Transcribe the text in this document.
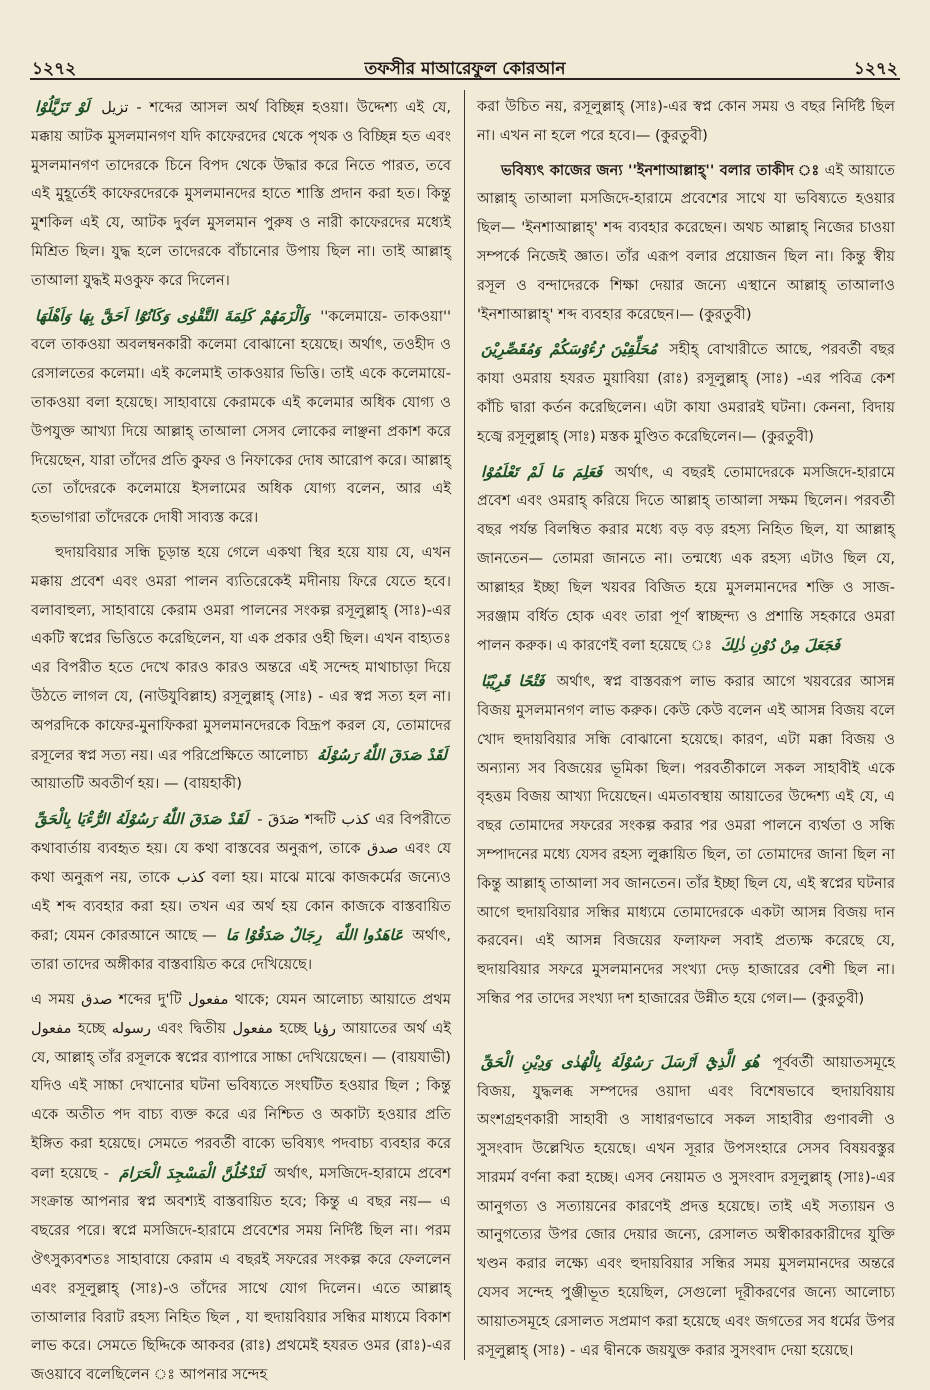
১২৭২	তফসীর মাআরেফুল কোরআন	১২৭২

لَوْ تَزَيَّلُوْا تزيل - শব্দের আসল অর্থ বিচ্ছিন্ন হওয়া। উদ্দেশ্য এই যে, মক্কায় আটক মুসলমানগণ যদি কাফেরদের থেকে পৃথক ও বিচ্ছিন্ন হত এবং মুসলমানগণ তাদেরকে চিনে বিপদ থেকে উদ্ধার করে নিতে পারত, তবে এই মুহূর্তেই কাফেরদেরকে মুসলমানদের হাতে শাস্তি প্রদান করা হত। কিন্তু মুশকিল এই যে, আটক দুর্বল মুসলমান পুরুষ ও নারী কাফেরদের মধ্যেই মিশ্রিত ছিল। যুদ্ধ হলে তাদেরকে বাঁচানোর উপায় ছিল না। তাই আল্লাহ্ তাআলা যুদ্ধই মওকুফ করে দিলেন।

وَاَلْزَمَهُمْ كَلِمَةَ التَّقْوٰى وَكَانُوْٓا اَحَقَّ بِهَا وَاَهْلَهَا ''কলেমায়ে- তাকওয়া'' বলে তাকওয়া অবলম্বনকারী কলেমা বোঝানো হয়েছে। অর্থাৎ, তওহীদ ও রেসালতের কলেমা। এই কলেমাই তাকওয়ার ভিত্তি। তাই একে কলেমায়ে-তাকওয়া বলা হয়েছে। সাহাবায়ে কেরামকে এই কলেমার অধিক যোগ্য ও উপযুক্ত আখ্যা দিয়ে আল্লাহ্ তাআলা সেসব লোকের লাঞ্ছনা প্রকাশ করে দিয়েছেন, যারা তাঁদের প্রতি কুফর ও নিফাকের দোষ আরোপ করে। আল্লাহ্ তো তাঁদেরকে কলেমায়ে ইসলামের অধিক যোগ্য বলেন, আর এই হতভাগারা তাঁদেরকে দোষী সাব্যস্ত করে।

হুদায়বিয়ার সন্ধি চূড়ান্ত হয়ে গেলে একথা স্থির হয়ে যায় যে, এখন মক্কায় প্রবেশ এবং ওমরা পালন ব্যতিরেকেই মদীনায় ফিরে যেতে হবে। বলাবাহুল্য, সাহাবায়ে কেরাম ওমরা পালনের সংকল্প রসূলুল্লাহ্ (সাঃ)-এর একটি স্বপ্নের ভিত্তিতে করেছিলেন, যা এক প্রকার ওহী ছিল। এখন বাহ্যতঃ এর বিপরীত হতে দেখে কারও কারও অন্তরে এই সন্দেহ মাথাচাড়া দিয়ে উঠতে লাগল যে, (নাউযুবিল্লাহ) রসূলুল্লাহ্ (সাঃ) - এর স্বপ্ন সত্য হল না। অপরদিকে কাফের-মুনাফিকরা মুসলমানদেরকে বিদ্রূপ করল যে, তোমাদের রসূলের স্বপ্ন সত্য নয়। এর পরিপ্রেক্ষিতে আলোচ্য لَقَدْ صَدَقَ اللّٰهُ رَسُوْلَهُ আয়াতটি অবতীর্ণ হয়। — (বায়হাকী)

لَقَدْ صَدَقَ اللّٰهُ رَسُوْلَهُ الرُّءْيَا بِالْحَقِّ - صَدَقَ শব্দটি كذب এর বিপরীতে কথাবার্তায় ব্যবহৃত হয়। যে কথা বাস্তবের অনুরূপ, তাকে صدق এবং যে কথা অনুরূপ নয়, তাকে كذب বলা হয়। মাঝে মাঝে কাজকর্মের জন্যেও এই শব্দ ব্যবহার করা হয়। তখন এর অর্থ হয় কোন কাজকে বাস্তবায়িত করা; যেমন কোরআনে আছে — رِجَالٌ صَدَقُوْا مَا عَاهَدُوا اللّٰهَ অর্থাৎ, তারা তাদের অঙ্গীকার বাস্তবায়িত করে দেখিয়েছে।

এ সময় صدق শব্দের দু'টি مفعول থাকে; যেমন আলোচ্য আয়াতে প্রথম مفعول হচ্ছে رسوله এবং দ্বিতীয় مفعول হচ্ছে رؤيا আয়াতের অর্থ এই যে, আল্লাহ্ তাঁর রসূলকে স্বপ্নের ব্যাপারে সাচ্চা দেখিয়েছেন। — (বায়যাভী) যদিও এই সাচ্চা দেখানোর ঘটনা ভবিষ্যতে সংঘটিত হওয়ার ছিল ; কিন্তু একে অতীত পদ বাচ্য ব্যক্ত করে এর নিশ্চিত ও অকাট্য হওয়ার প্রতি ইঙ্গিত করা হয়েছে। সেমতে পরবর্তী বাক্যে ভবিষ্যৎ পদবাচ্য ব্যবহার করে বলা হয়েছে - لَتَدْخُلُنَّ الْمَسْجِدَ الْحَرَامَ অর্থাৎ, মসজিদে-হারামে প্রবেশ সংক্রান্ত আপনার স্বপ্ন অবশ্যই বাস্তবায়িত হবে; কিন্তু এ বছর নয়— এ বছরের পরে। স্বপ্নে মসজিদে-হারামে প্রবেশের সময় নির্দিষ্ট ছিল না। পরম ঔৎসুক্যবশতঃ সাহাবায়ে কেরাম এ বছরই সফরের সংকল্প করে ফেললেন এবং রসূলুল্লাহ্ (সাঃ)-ও তাঁদের সাথে যোগ দিলেন। এতে আল্লাহ্ তাআলার বিরাট রহস্য নিহিত ছিল , যা হুদায়বিয়ার সন্ধির মাধ্যমে বিকাশ লাভ করে। সেমতে ছিদ্দিকে আকবর (রাঃ) প্রথমেই হযরত ওমর (রাঃ)-এর জওয়াবে বলেছিলেন ঃ আপনার সন্দেহ

করা উচিত নয়, রসূলুল্লাহ্ (সাঃ)-এর স্বপ্ন কোন সময় ও বছর নির্দিষ্ট ছিল না। এখন না হলে পরে হবে।— (কুরতুবী)

ভবিষ্যৎ কাজের জন্য ''ইনশাআল্লাহ্'' বলার তাকীদ ঃ এই আয়াতে আল্লাহ্ তাআলা মসজিদে-হারামে প্রবেশের সাথে যা ভবিষ্যতে হওয়ার ছিল— 'ইনশাআল্লাহ্' শব্দ ব্যবহার করেছেন। অথচ আল্লাহ্ নিজের চাওয়া সম্পর্কে নিজেই জ্ঞাত। তাঁর এরূপ বলার প্রয়োজন ছিল না। কিন্তু স্বীয় রসূল ও বন্দাদেরকে শিক্ষা দেয়ার জন্যে এস্থানে আল্লাহ্ তাআলাও 'ইনশাআল্লাহ্' শব্দ ব্যবহার করেছেন।— (কুরতুবী)

مُحَلِّقِيْنَ رُءُوْسَكُمْ وَمُقَصِّرِيْنَ সহীহ্ বোখারীতে আছে, পরবর্তী বছর কাযা ওমরায় হযরত মুয়াবিয়া (রাঃ) রসূলুল্লাহ্ (সাঃ) -এর পবিত্র কেশ কাঁচি দ্বারা কর্তন করেছিলেন। এটা কাযা ওমরারই ঘটনা। কেননা, বিদায় হজ্বে রসূলুল্লাহ্ (সাঃ) মস্তক মুণ্ডিত করেছিলেন।— (কুরতুবী)

فَعَلِمَ مَا لَمْ تَعْلَمُوْا অর্থাৎ, এ বছরই তোমাদেরকে মসজিদে-হারামে প্রবেশ এবং ওমরাহ্ করিয়ে দিতে আল্লাহ্ তাআলা সক্ষম ছিলেন। পরবর্তী বছর পর্যন্ত বিলম্বিত করার মধ্যে বড় বড় রহস্য নিহিত ছিল, যা আল্লাহ্ জানতেন— তোমরা জানতে না। তন্মধ্যে এক রহস্য এটাও ছিল যে, আল্লাহর ইচ্ছা ছিল খয়বর বিজিত হয়ে মুসলমানদের শক্তি ও সাজ-সরঞ্জাম বর্ধিত হোক এবং তারা পূর্ণ স্বাচ্ছন্দ্য ও প্রশান্তি সহকারে ওমরা পালন করুক। এ কারণেই বলা হয়েছে ঃ فَجَعَلَ مِنْ دُوْنِ ذٰلِكَ

فَتْحًا قَرِيْبًا অর্থাৎ, স্বপ্ন বাস্তবরূপ লাভ করার আগে খয়বরের আসন্ন বিজয় মুসলমানগণ লাভ করুক। কেউ কেউ বলেন এই আসন্ন বিজয় বলে খোদ হুদায়বিয়ার সন্ধি বোঝানো হয়েছে। কারণ, এটা মক্কা বিজয় ও অন্যান্য সব বিজয়ের ভূমিকা ছিল। পরবর্তীকালে সকল সাহাবীই একে বৃহত্তম বিজয় আখ্যা দিয়েছেন। এমতাবস্থায় আয়াতের উদ্দেশ্য এই যে, এ বছর তোমাদের সফরের সংকল্প করার পর ওমরা পালনে ব্যর্থতা ও সন্ধি সম্পাদনের মধ্যে যেসব রহস্য লুক্কায়িত ছিল, তা তোমাদের জানা ছিল না কিন্তু আল্লাহ্ তাআলা সব জানতেন। তাঁর ইচ্ছা ছিল যে, এই স্বপ্নের ঘটনার আগে হুদায়বিয়ার সন্ধির মাধ্যমে তোমাদেরকে একটা আসন্ন বিজয় দান করবেন। এই আসন্ন বিজয়ের ফলাফল সবাই প্রত্যক্ষ করেছে যে, হুদায়বিয়ার সফরে মুসলমানদের সংখ্যা দেড় হাজারের বেশী ছিল না। সন্ধির পর তাদের সংখ্যা দশ হাজারের উন্নীত হয়ে গেল।— (কুরতুবী)

هُوَ الَّذِيْٓ اَرْسَلَ رَسُوْلَهُ بِالْهُدٰى وَدِيْنِ الْحَقِّ পূর্ববর্তী আয়াতসমূহে বিজয়, যুদ্ধলব্ধ সম্পদের ওয়াদা এবং বিশেষভাবে হুদায়বিয়ায় অংশগ্রহণকারী সাহাবী ও সাধারণভাবে সকল সাহাবীর গুণাবলী ও সুসংবাদ উল্লেখিত হয়েছে। এখন সূরার উপসংহারে সেসব বিষয়বস্তুর সারমর্ম বর্ণনা করা হচ্ছে। এসব নেয়ামত ও সুসংবাদ রসূলুল্লাহ্ (সাঃ)-এর আনুগত্য ও সত্যায়নের কারণেই প্রদত্ত হয়েছে। তাই এই সত্যায়ন ও আনুগত্যের উপর জোর দেয়ার জন্যে, রেসালত অস্বীকারকারীদের যুক্তি খণ্ডন করার লক্ষ্যে এবং হুদায়বিয়ার সন্ধির সময় মুসলমানদের অন্তরে যেসব সন্দেহ পুঞ্জীভূত হয়েছিল, সেগুলো দূরীকরণের জন্যে আলোচ্য আয়াতসমূহে রেসালত সপ্রমাণ করা হয়েছে এবং জগতের সব ধর্মের উপর রসূলুল্লাহ্ (সাঃ) - এর দ্বীনকে জয়যুক্ত করার সুসংবাদ দেয়া হয়েছে।
